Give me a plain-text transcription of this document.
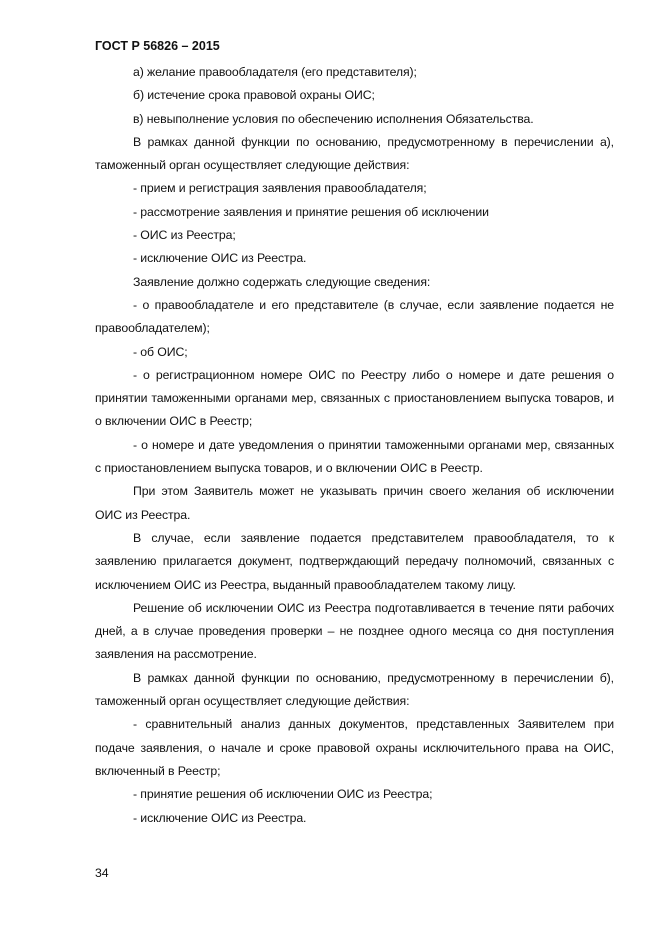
ГОСТ Р 56826 – 2015

а) желание правообладателя (его представителя);

б) истечение срока правовой охраны ОИС;

в) невыполнение условия по обеспечению исполнения Обязательства.

В рамках данной функции по основанию, предусмотренному в перечислении а), таможенный орган осуществляет следующие действия:

- прием и регистрация заявления правообладателя;

- рассмотрение заявления и принятие решения об исключении

- ОИС из Реестра;

- исключение ОИС из Реестра.

Заявление должно содержать следующие сведения:

- о правообладателе и его представителе (в случае, если заявление подается не правообладателем);

- об ОИС;

- о регистрационном номере ОИС по Реестру либо о номере и дате решения о принятии таможенными органами мер, связанных с приостановлением выпуска товаров, и о включении ОИС в Реестр;

- о номере и дате уведомления о принятии таможенными органами мер, связанных с приостановлением выпуска товаров, и о включении ОИС в Реестр.

При этом Заявитель может не указывать причин своего желания об исключении ОИС из Реестра.

В случае, если заявление подается представителем правообладателя, то к заявлению прилагается документ, подтверждающий передачу полномочий, связанных с исключением ОИС из Реестра, выданный правообладателем такому лицу.

Решение об исключении ОИС из Реестра подготавливается в течение пяти рабочих дней, а в случае проведения проверки – не позднее одного месяца со дня поступления заявления на рассмотрение.

В рамках данной функции по основанию, предусмотренному в перечислении б), таможенный орган осуществляет следующие действия:

- сравнительный анализ данных документов, представленных Заявителем при подаче заявления, о начале и сроке правовой охраны исключительного права на ОИС, включенный в Реестр;

- принятие решения об исключении ОИС из Реестра;

- исключение ОИС из Реестра.

34
